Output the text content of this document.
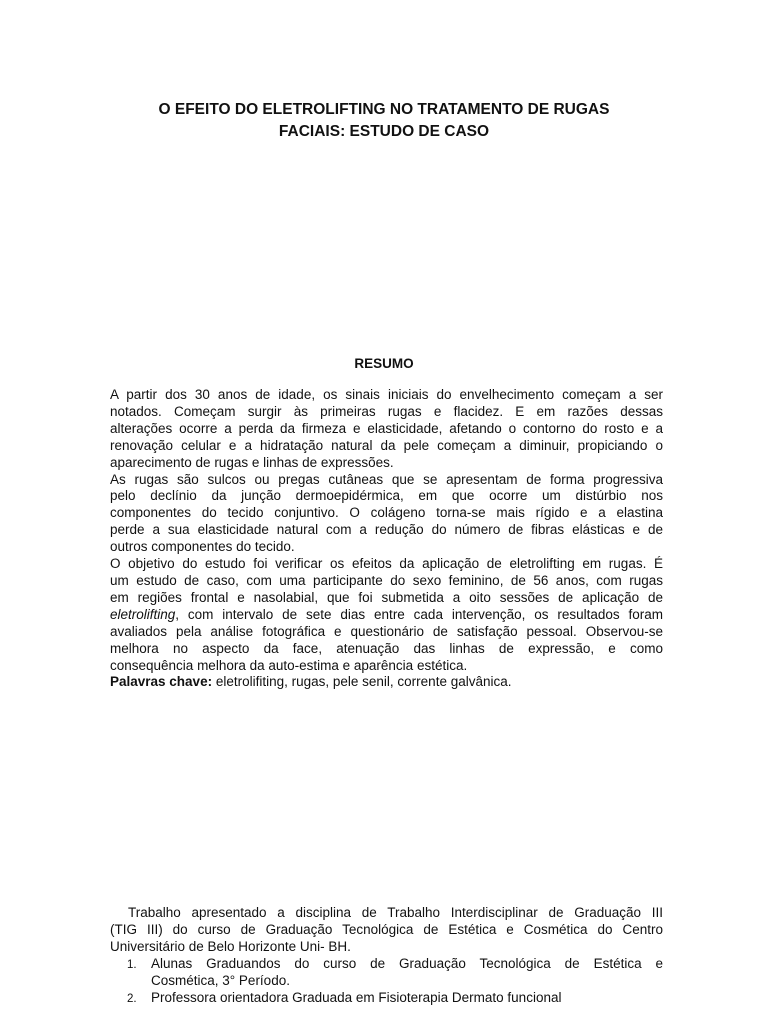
O EFEITO DO ELETROLIFTING NO TRATAMENTO DE RUGAS
FACIAIS: ESTUDO DE CASO
RESUMO
A partir dos 30 anos de idade, os sinais iniciais do envelhecimento começam a ser
notados. Começam surgir às primeiras rugas e flacidez. E em razões dessas
alterações ocorre a perda da firmeza e elasticidade, afetando o contorno do rosto e a
renovação celular e a hidratação natural da pele começam a diminuir, propiciando o
aparecimento de rugas e linhas de expressões.
As rugas são sulcos ou pregas cutâneas que se apresentam de forma progressiva
pelo declínio da junção dermoepidérmica, em que ocorre um distúrbio nos
componentes do tecido conjuntivo. O colágeno torna-se mais rígido e a elastina
perde a sua elasticidade natural com a redução do número de fibras elásticas e de
outros componentes do tecido.
O objetivo do estudo foi verificar os efeitos da aplicação de eletrolifting em rugas. É
um estudo de caso, com uma participante do sexo feminino, de 56 anos, com rugas
em regiões frontal e nasolabial, que foi submetida a oito sessões de aplicação de
eletrolifting, com intervalo de sete dias entre cada intervenção, os resultados foram
avaliados pela análise fotográfica e questionário de satisfação pessoal. Observou-se
melhora no aspecto da face, atenuação das linhas de expressão, e como
consequência melhora da auto-estima e aparência estética.

Palavras chave: eletrolifiting, rugas, pele senil, corrente galvânica.

Trabalho apresentado a disciplina de Trabalho Interdisciplinar de Graduação III
(TIG III) do curso de Graduação Tecnológica de Estética e Cosmética do Centro
Universitário de Belo Horizonte Uni- BH.
1. Alunas Graduandos do curso de Graduação Tecnológica de Estética e
Cosmética, 3° Período.
2. Professora orientadora Graduada em Fisioterapia Dermato funcional
